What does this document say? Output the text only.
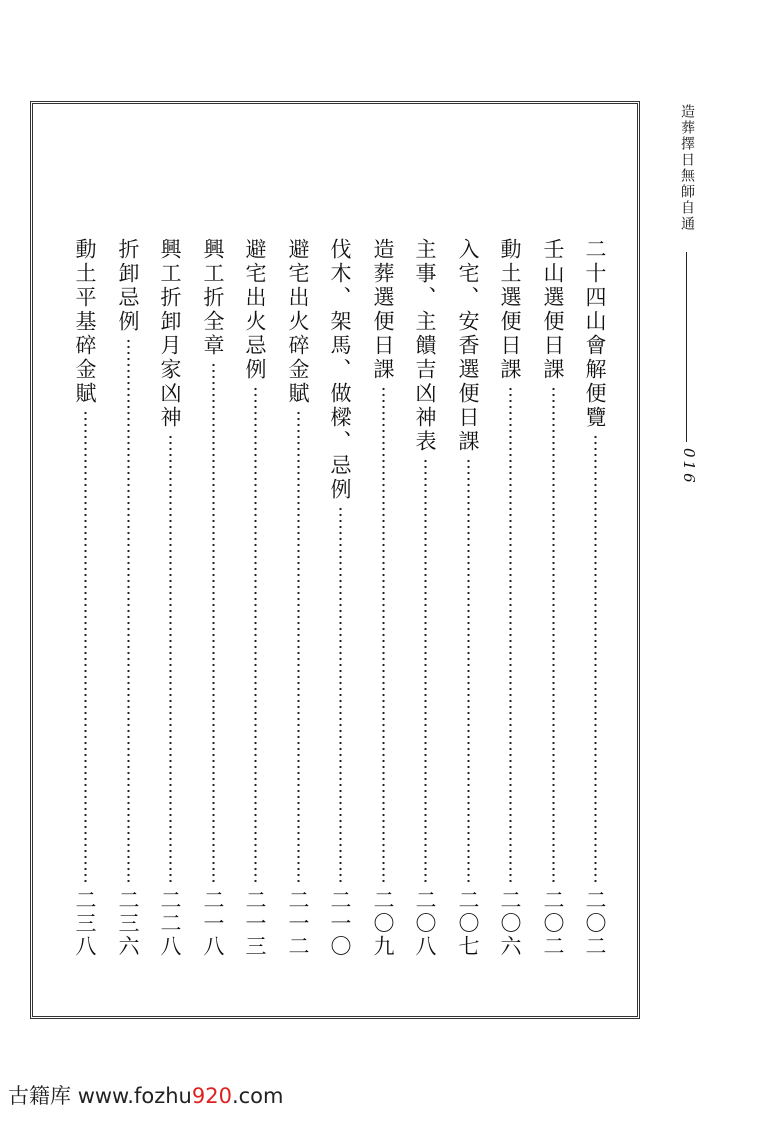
造葬擇日無師自通
016
二十四山會解便覽
二〇二
壬山選便日課
二〇二
動土選便日課
二〇六
入宅、安香選便日課
二〇七
主事、主饋吉凶神表
二〇八
造葬選便日課
二〇九
伐木、架馬、做樑、忌例
二一〇
避宅出火碎金賦
二一二
避宅出火忌例
二一三
興工折全章
二一八
興工折卸月家凶神
二二八
折卸忌例
二三六
動土平基碎金賦
二三八
古籍库 www.fozhu920.com
